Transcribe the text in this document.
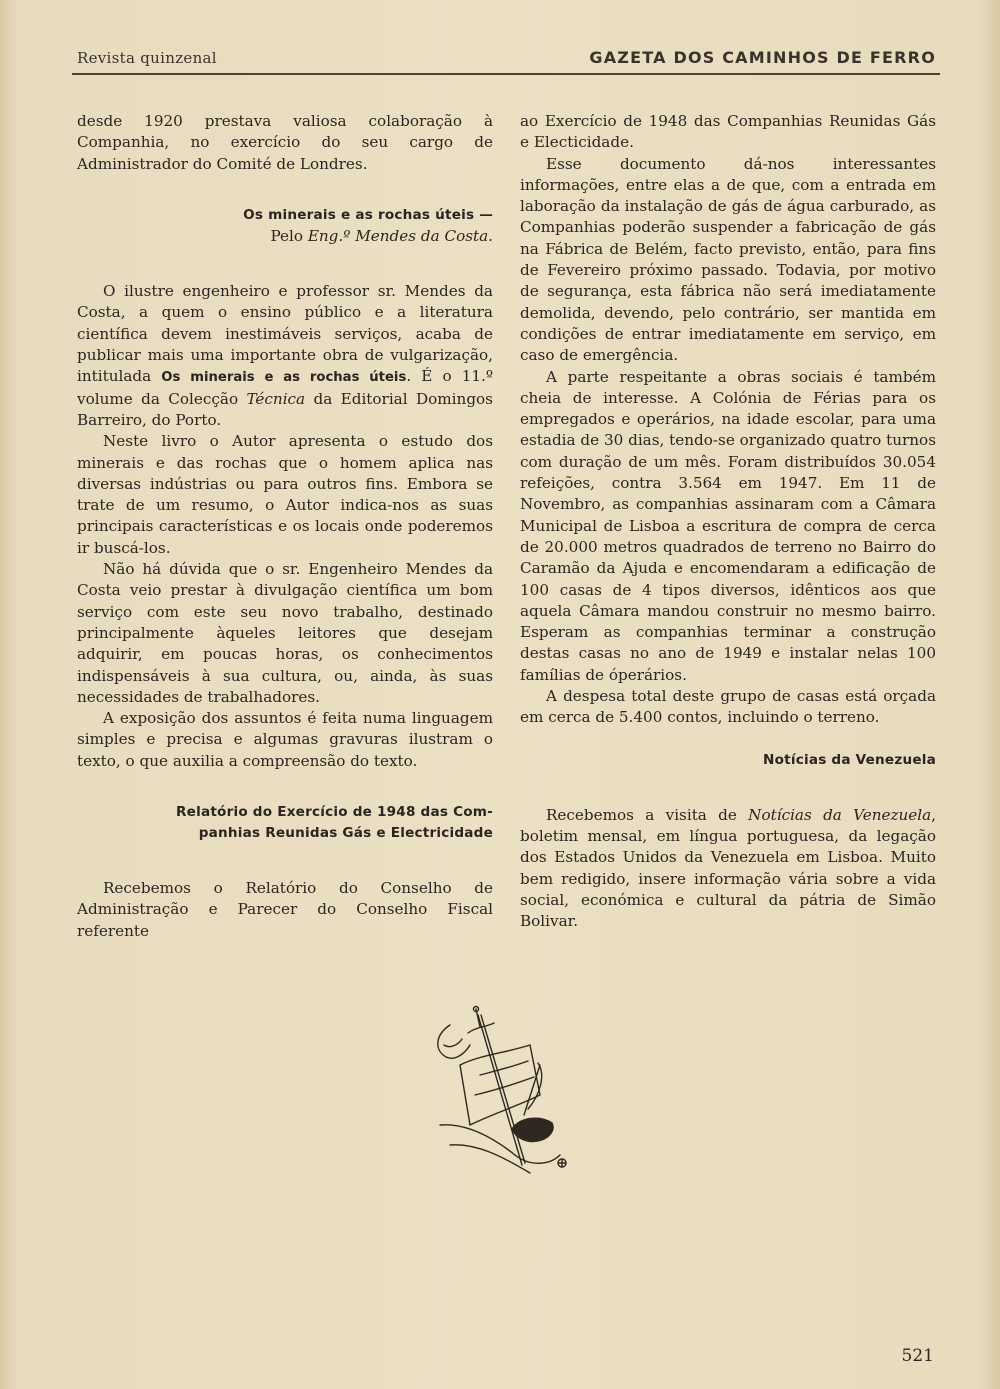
Revista quinzenal	GAZETA DOS CAMINHOS DE FERRO

desde 1920 prestava valiosa colaboração à Companhia, no exercício do seu cargo de Administrador do Comité de Londres.

Os minerais e as rochas úteis —
Pelo Eng.º Mendes da Costa.

O ilustre engenheiro e professor sr. Mendes da Costa, a quem o ensino público e a literatura científica devem inestimáveis serviços, acaba de publicar mais uma importante obra de vulgarização, intitulada Os minerais e as rochas úteis. É o 11.º volume da Colecção Técnica da Editorial Domingos Barreiro, do Porto.

Neste livro o Autor apresenta o estudo dos minerais e das rochas que o homem aplica nas diversas indústrias ou para outros fins. Embora se trate de um resumo, o Autor indica-nos as suas principais características e os locais onde poderemos ir buscá-los.

Não há dúvida que o sr. Engenheiro Mendes da Costa veio prestar à divulgação científica um bom serviço com este seu novo trabalho, destinado principalmente àqueles leitores que desejam adquirir, em poucas horas, os conhecimentos indispensáveis à sua cultura, ou, ainda, às suas necessidades de trabalhadores.

A exposição dos assuntos é feita numa linguagem simples e precisa e algumas gravuras ilustram o texto, o que auxilia a compreensão do texto.

Relatório do Exercício de 1948 das Com-
panhias Reunidas Gás e Electricidade

Recebemos o Relatório do Conselho de Administração e Parecer do Conselho Fiscal referente

ao Exercício de 1948 das Companhias Reunidas Gás e Electicidade.

Esse documento dá-nos interessantes informações, entre elas a de que, com a entrada em laboração da instalação de gás de água carburado, as Companhias poderão suspender a fabricação de gás na Fábrica de Belém, facto previsto, então, para fins de Fevereiro próximo passado. Todavia, por motivo de segurança, esta fábrica não será imediatamente demolida, devendo, pelo contrário, ser mantida em condições de entrar imediatamente em serviço, em caso de emergência.

A parte respeitante a obras sociais é também cheia de interesse. A Colónia de Férias para os empregados e operários, na idade escolar, para uma estadia de 30 dias, tendo-se organizado quatro turnos com duração de um mês. Foram distribuídos 30.054 refeições, contra 3.564 em 1947. Em 11 de Novembro, as companhias assinaram com a Câmara Municipal de Lisboa a escritura de compra de cerca de 20.000 metros quadrados de terreno no Bairro do Caramão da Ajuda e encomendaram a edificação de 100 casas de 4 tipos diversos, idênticos aos que aquela Câmara mandou construir no mesmo bairro. Esperam as companhias terminar a construção destas casas no ano de 1949 e instalar nelas 100 famílias de óperários.

A despesa total deste grupo de casas está orçada em cerca de 5.400 contos, incluindo o terreno.

Notícias da Venezuela

Recebemos a visita de Notícias da Venezuela, boletim mensal, em língua portuguesa, da legação dos Estados Unidos da Venezuela em Lisboa. Muito bem redigido, insere informação vária sobre a vida social, económica e cultural da pátria de Simão Bolivar.

521
